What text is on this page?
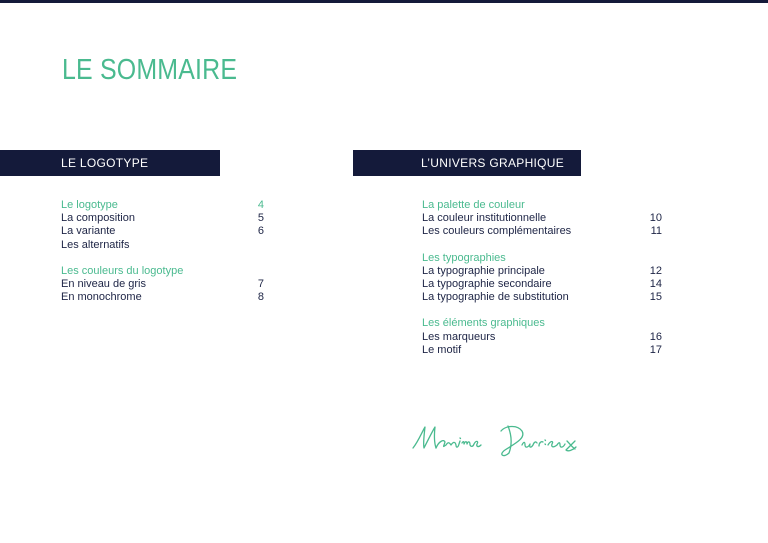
LE SOMMAIRE
LE LOGOTYPE	L’UNIVERS GRAPHIQUE
Le logotype	4
La composition	5
La variante	6
Les alternatifs
Les couleurs du logotype
En niveau de gris	7
En monochrome	8
La palette de couleur
La couleur institutionnelle	10
Les couleurs complémentaires	11
Les typographies
La typographie principale	12
La typographie secondaire	14
La typographie de substitution	15
Les éléments graphiques
Les marqueurs	16
Le motif	17
